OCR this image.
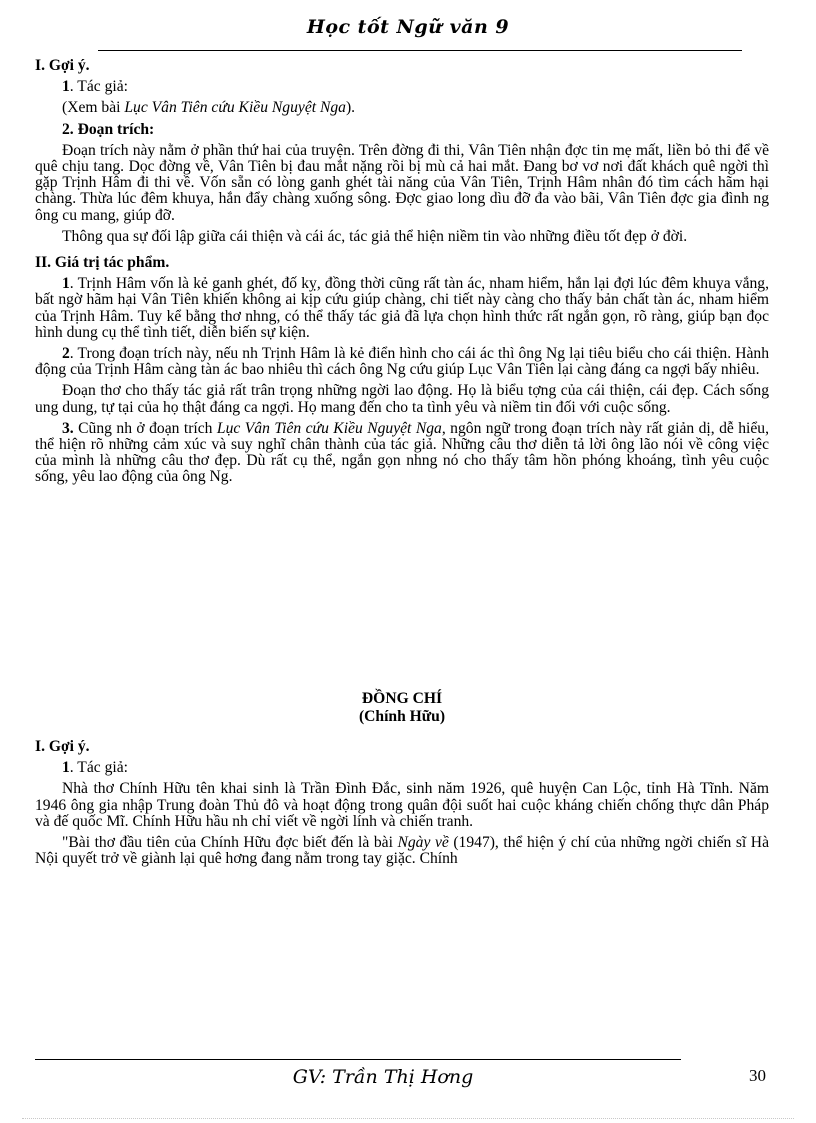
Học tốt Ngữ văn 9

I. Gợi ý.

1. Tác giả:

(Xem bài Lục Vân Tiên cứu Kiều Nguyệt Nga).

2. Đoạn trích:

Đoạn trích này nằm ở phần thứ hai của truyện. Trên đờng đi thi, Vân Tiên nhận đợc tin mẹ mất, liền bỏ thi để về quê chịu tang. Dọc đờng về, Vân Tiên bị đau mắt nặng rồi bị mù cả hai mắt. Đang bơ vơ nơi đất khách quê ngời thì gặp Trịnh Hâm đi thi về. Vốn sẵn có lòng ganh ghét tài năng của Vân Tiên, Trịnh Hâm nhân đó tìm cách hãm hại chàng. Thừa lúc đêm khuya, hắn đẩy chàng xuống sông. Đợc giao long dìu đỡ đa vào bãi, Vân Tiên đợc gia đình ng ông cu mang, giúp đỡ.

Thông qua sự đối lập giữa cái thiện và cái ác, tác giả thể hiện niềm tin vào những điều tốt đẹp ở đời.

II. Giá trị tác phẩm.

1. Trịnh Hâm vốn là kẻ ganh ghét, đố kỵ, đồng thời cũng rất tàn ác, nham hiểm, hắn lại đợi lúc đêm khuya vắng, bất ngờ hãm hại Vân Tiên khiến không ai kịp cứu giúp chàng, chi tiết này càng cho thấy bản chất tàn ác, nham hiểm của Trịnh Hâm. Tuy kể bằng thơ nhng, có thể thấy tác giả đã lựa chọn hình thức rất ngắn gọn, rõ ràng, giúp bạn đọc hình dung cụ thể tình tiết, diễn biến sự kiện.

2. Trong đoạn trích này, nếu nh Trịnh Hâm là kẻ điển hình cho cái ác thì ông Ng lại tiêu biểu cho cái thiện. Hành động của Trịnh Hâm càng tàn ác bao nhiêu thì cách ông Ng cứu giúp Lục Vân Tiên lại càng đáng ca ngợi bấy nhiêu.

Đoạn thơ cho thấy tác giả rất trân trọng những ngời lao động. Họ là biểu tợng của cái thiện, cái đẹp. Cách sống ung dung, tự tại của họ thật đáng ca ngợi. Họ mang đến cho ta tình yêu và niềm tin đối với cuộc sống.

3. Cũng nh ở đoạn trích Lục Vân Tiên cứu Kiều Nguyệt Nga, ngôn ngữ trong đoạn trích này rất giản dị, dễ hiểu, thể hiện rõ những cảm xúc và suy nghĩ chân thành của tác giả. Những câu thơ diễn tả lời ông lão nói về công việc của mình là những câu thơ đẹp. Dù rất cụ thể, ngắn gọn nhng nó cho thấy tâm hồn phóng khoáng, tình yêu cuộc sống, yêu lao động của ông Ng.

ĐỒNG CHÍ

(Chính Hữu)

I. Gợi ý.

1. Tác giả:

Nhà thơ Chính Hữu tên khai sinh là Trần Đình Đắc, sinh năm 1926, quê huyện Can Lộc, tỉnh Hà Tĩnh. Năm 1946 ông gia nhập Trung đoàn Thủ đô và hoạt động trong quân đội suốt hai cuộc kháng chiến chống thực dân Pháp và đế quốc Mĩ. Chính Hữu hầu nh chỉ viết về ngời lính và chiến tranh.

"Bài thơ đầu tiên của Chính Hữu đợc biết đến là bài Ngày về (1947), thể hiện ý chí của những ngời chiến sĩ Hà Nội quyết trở về giành lại quê hơng đang nằm trong tay giặc. Chính

GV: Trần Thị Hơng	30
